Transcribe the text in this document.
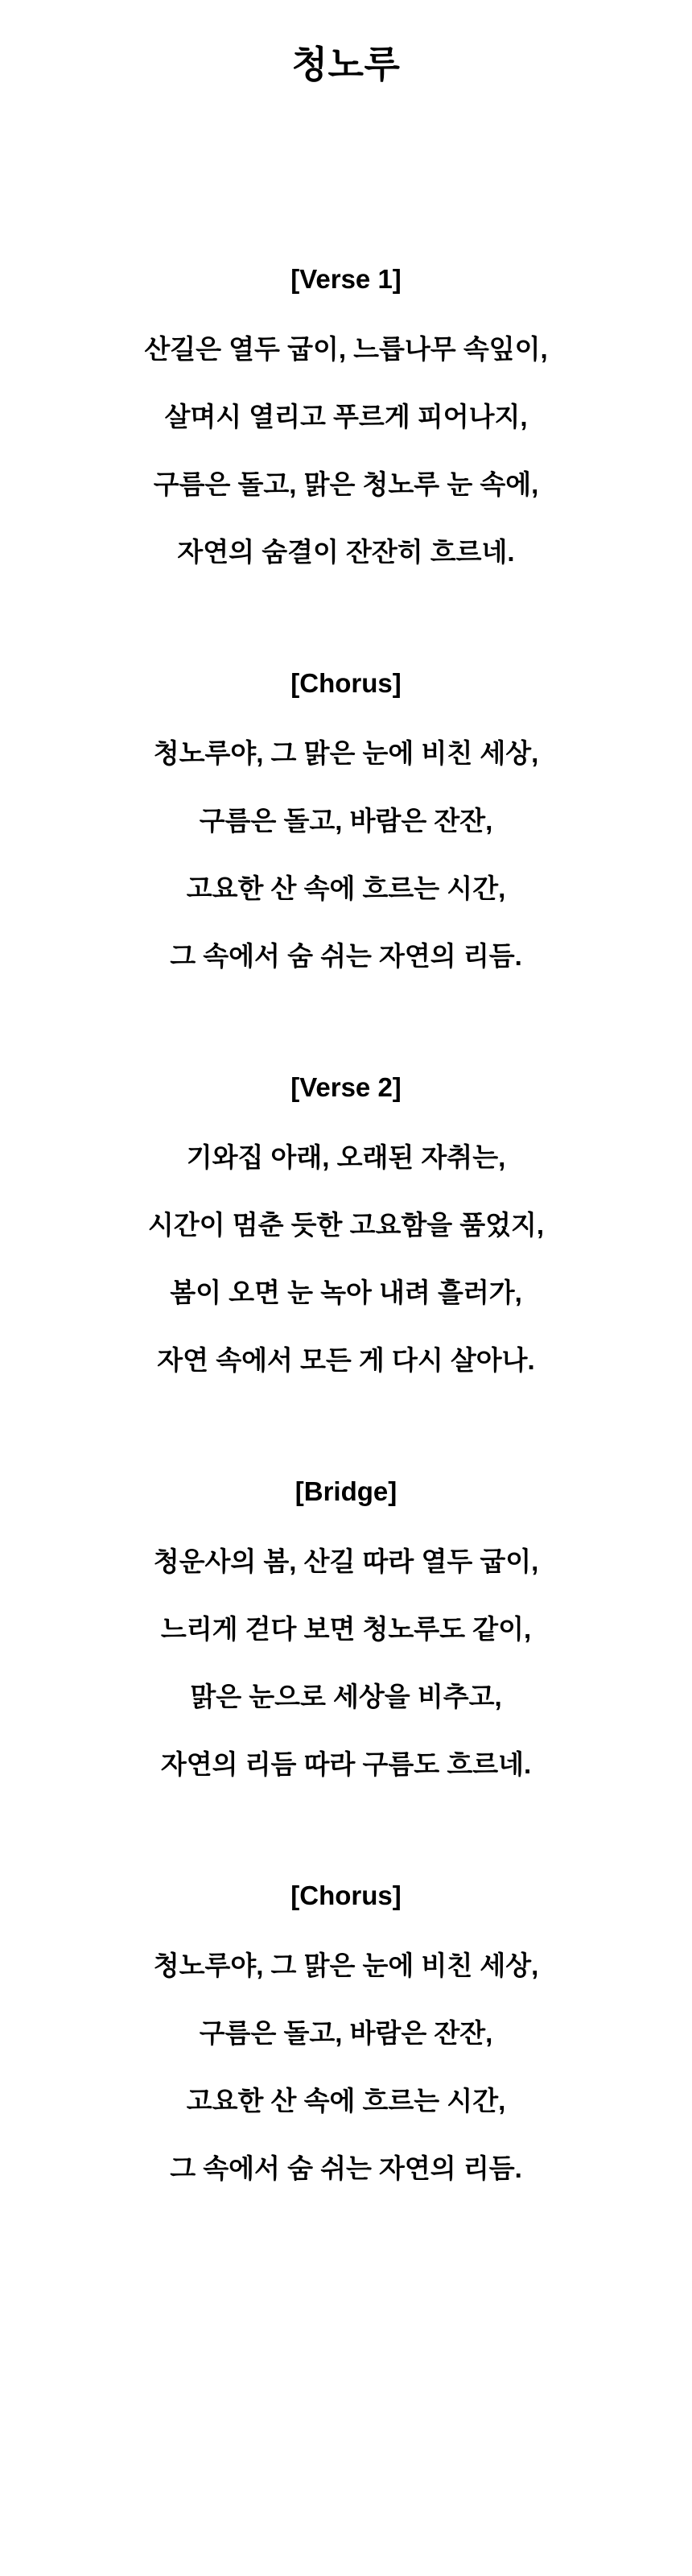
청노루

[Verse 1]

산길은 열두 굽이, 느릅나무 속잎이,

살며시 열리고 푸르게 피어나지,

구름은 돌고, 맑은 청노루 눈 속에,

자연의 숨결이 잔잔히 흐르네.

[Chorus]

청노루야, 그 맑은 눈에 비친 세상,

구름은 돌고, 바람은 잔잔,

고요한 산 속에 흐르는 시간,

그 속에서 숨 쉬는 자연의 리듬.

[Verse 2]

기와집 아래, 오래된 자취는,

시간이 멈춘 듯한 고요함을 품었지,

봄이 오면 눈 녹아 내려 흘러가,

자연 속에서 모든 게 다시 살아나.

[Bridge]

청운사의 봄, 산길 따라 열두 굽이,

느리게 걷다 보면 청노루도 같이,

맑은 눈으로 세상을 비추고,

자연의 리듬 따라 구름도 흐르네.

[Chorus]

청노루야, 그 맑은 눈에 비친 세상,

구름은 돌고, 바람은 잔잔,

고요한 산 속에 흐르는 시간,

그 속에서 숨 쉬는 자연의 리듬.
